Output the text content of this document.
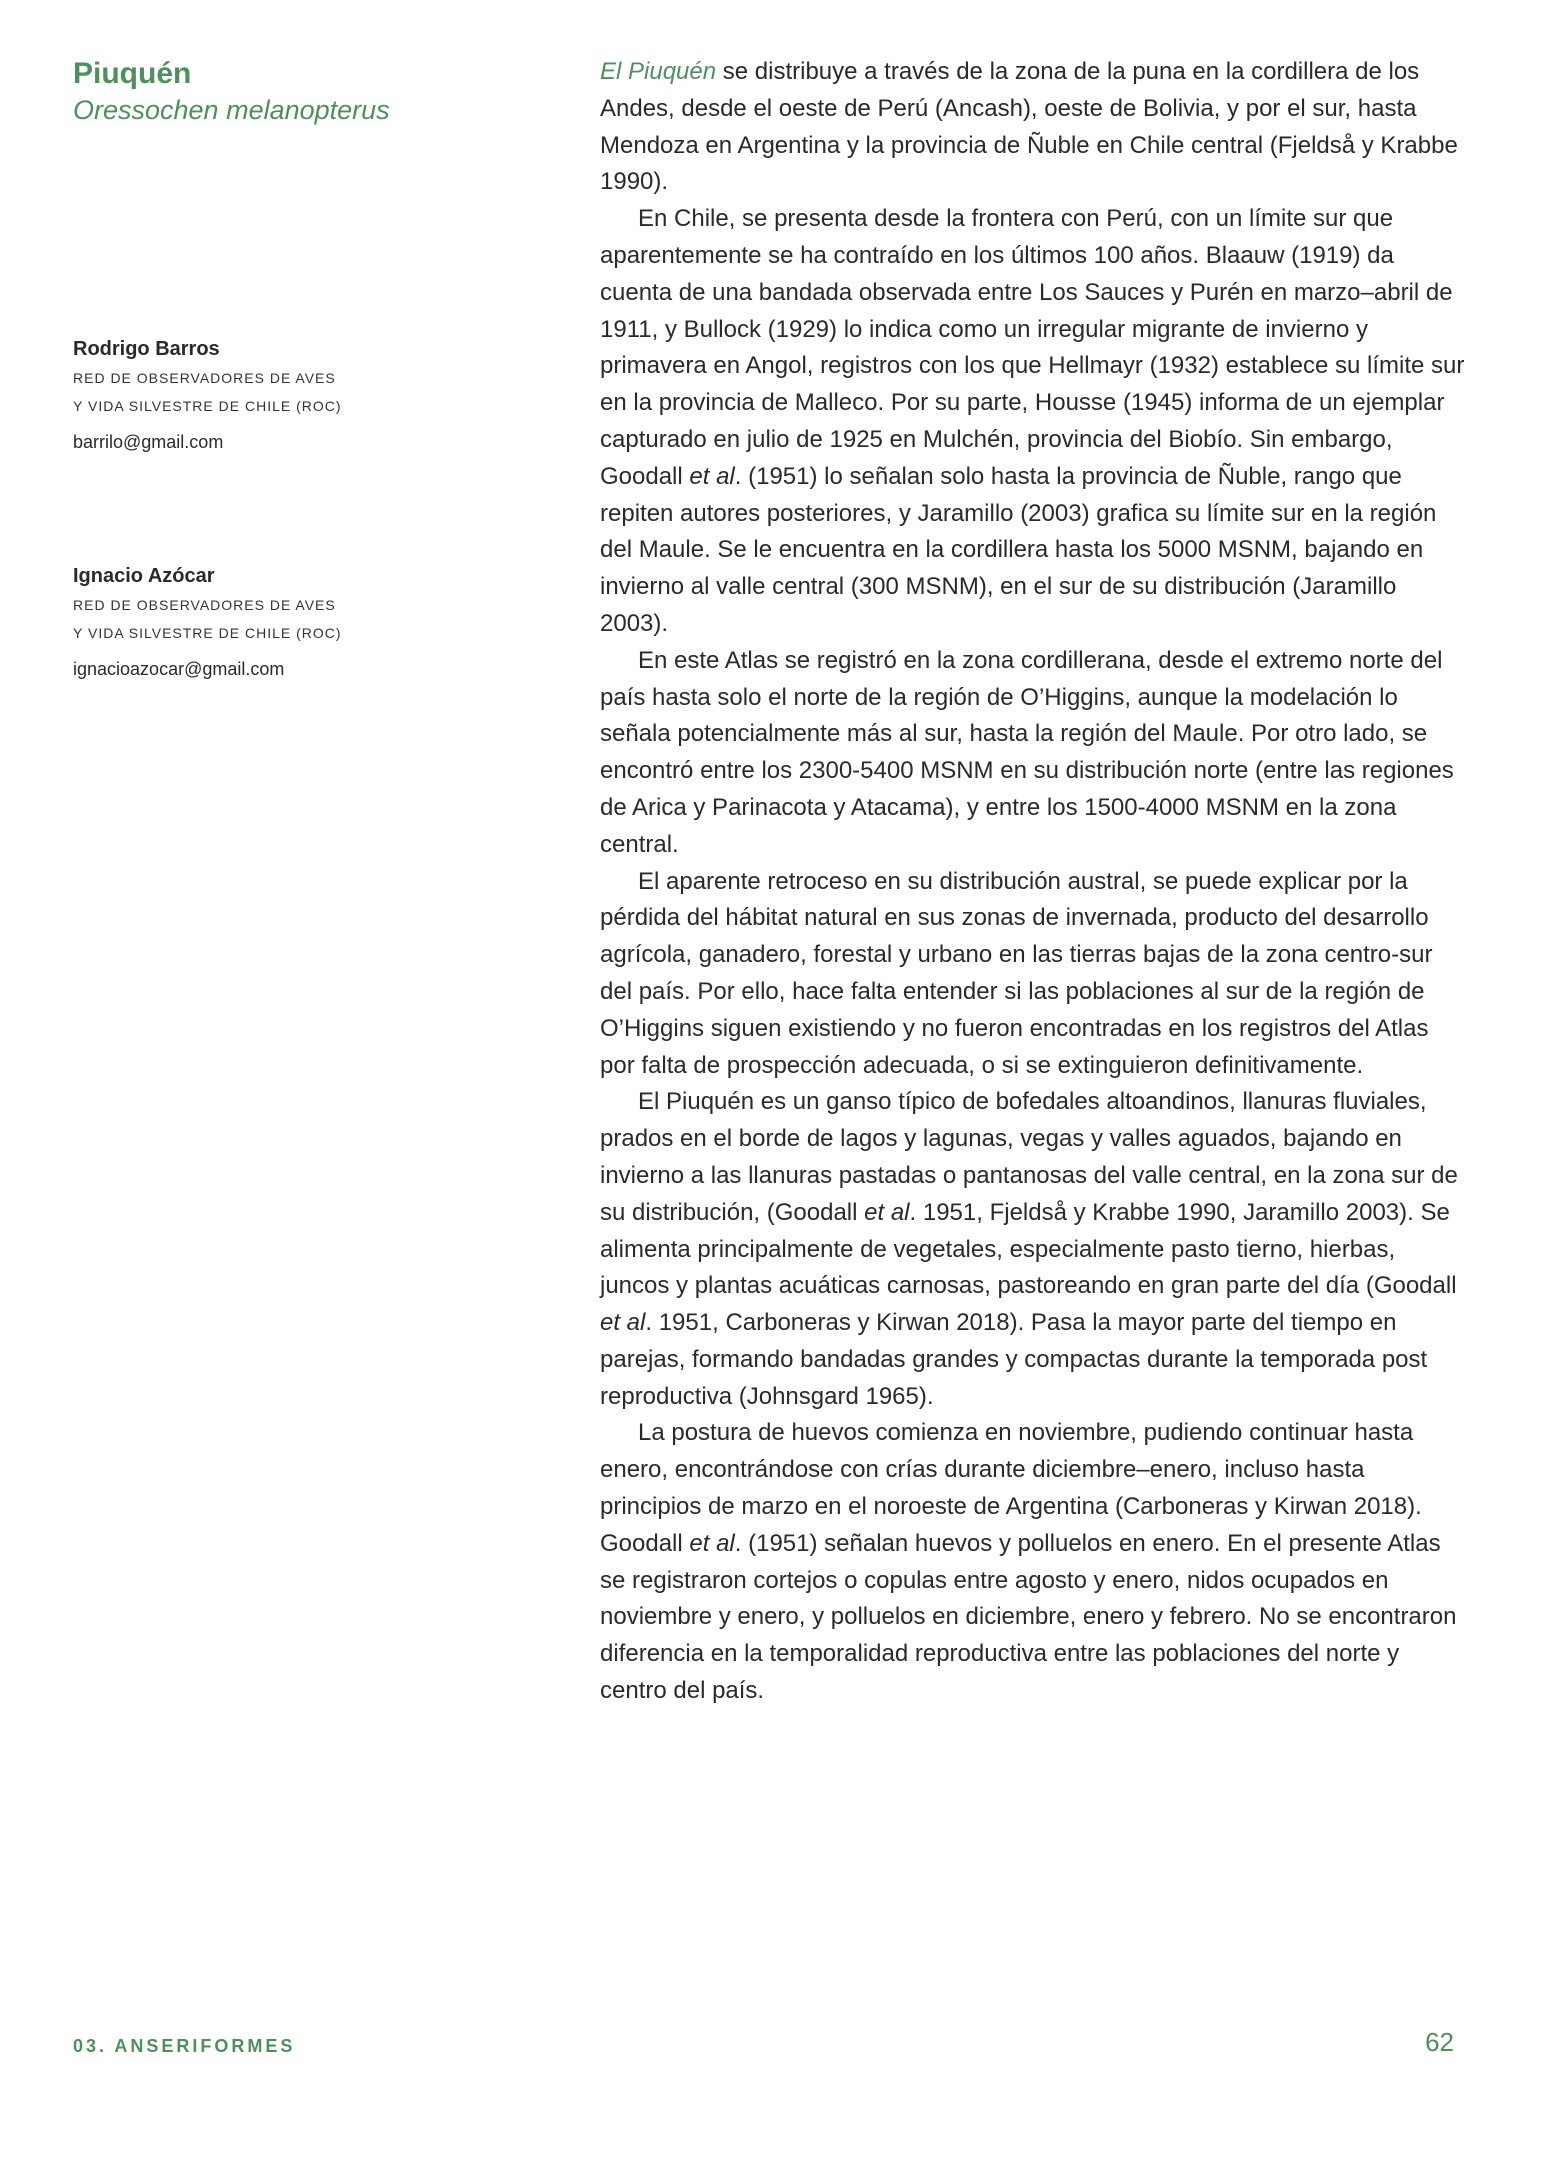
Piuquén
Oressochen melanopterus
Rodrigo Barros
RED DE OBSERVADORES DE AVES
Y VIDA SILVESTRE DE CHILE (ROC)
barrilo@gmail.com
Ignacio Azócar
RED DE OBSERVADORES DE AVES
Y VIDA SILVESTRE DE CHILE (ROC)
ignacioazocar@gmail.com

El Piuquén se distribuye a través de la zona de la puna en la cordillera de los Andes, desde el oeste de Perú (Ancash), oeste de Bolivia, y por el sur, hasta Mendoza en Argentina y la provincia de Ñuble en Chile central (Fjeldså y Krabbe 1990).

En Chile, se presenta desde la frontera con Perú, con un límite sur que aparentemente se ha contraído en los últimos 100 años. Blaauw (1919) da cuenta de una bandada observada entre Los Sauces y Purén en marzo–abril de 1911, y Bullock (1929) lo indica como un irregular migrante de invierno y primavera en Angol, registros con los que Hellmayr (1932) establece su límite sur en la provincia de Malleco. Por su parte, Housse (1945) informa de un ejemplar capturado en julio de 1925 en Mulchén, provincia del Biobío. Sin embargo, Goodall et al. (1951) lo señalan solo hasta la provincia de Ñuble, rango que repiten autores posteriores, y Jaramillo (2003) grafica su límite sur en la región del Maule. Se le encuentra en la cordillera hasta los 5000 MSNM, bajando en invierno al valle central (300 MSNM), en el sur de su distribución (Jaramillo 2003).

En este Atlas se registró en la zona cordillerana, desde el extremo norte del país hasta solo el norte de la región de O’Higgins, aunque la modelación lo señala potencialmente más al sur, hasta la región del Maule. Por otro lado, se encontró entre los 2300-5400 MSNM en su distribución norte (entre las regiones de Arica y Parinacota y Atacama), y entre los 1500-4000 MSNM en la zona central.

El aparente retroceso en su distribución austral, se puede explicar por la pérdida del hábitat natural en sus zonas de invernada, producto del desarrollo agrícola, ganadero, forestal y urbano en las tierras bajas de la zona centro-sur del país. Por ello, hace falta entender si las poblaciones al sur de la región de O’Higgins siguen existiendo y no fueron encontradas en los registros del Atlas por falta de prospección adecuada, o si se extinguieron definitivamente.

El Piuquén es un ganso típico de bofedales altoandinos, llanuras fluviales, prados en el borde de lagos y lagunas, vegas y valles aguados, bajando en invierno a las llanuras pastadas o pantanosas del valle central, en la zona sur de su distribución, (Goodall et al. 1951, Fjeldså y Krabbe 1990, Jaramillo 2003). Se alimenta principalmente de vegetales, especialmente pasto tierno, hierbas, juncos y plantas acuáticas carnosas, pastoreando en gran parte del día (Goodall et al. 1951, Carboneras y Kirwan 2018). Pasa la mayor parte del tiempo en parejas, formando bandadas grandes y compactas durante la temporada post reproductiva (Johnsgard 1965).

La postura de huevos comienza en noviembre, pudiendo continuar hasta enero, encontrándose con crías durante diciembre–enero, incluso hasta principios de marzo en el noroeste de Argentina (Carboneras y Kirwan 2018). Goodall et al. (1951) señalan huevos y polluelos en enero. En el presente Atlas se registraron cortejos o copulas entre agosto y enero, nidos ocupados en noviembre y enero, y polluelos en diciembre, enero y febrero. No se encontraron diferencia en la temporalidad reproductiva entre las poblaciones del norte y centro del país.

03. ANSERIFORMES	62
